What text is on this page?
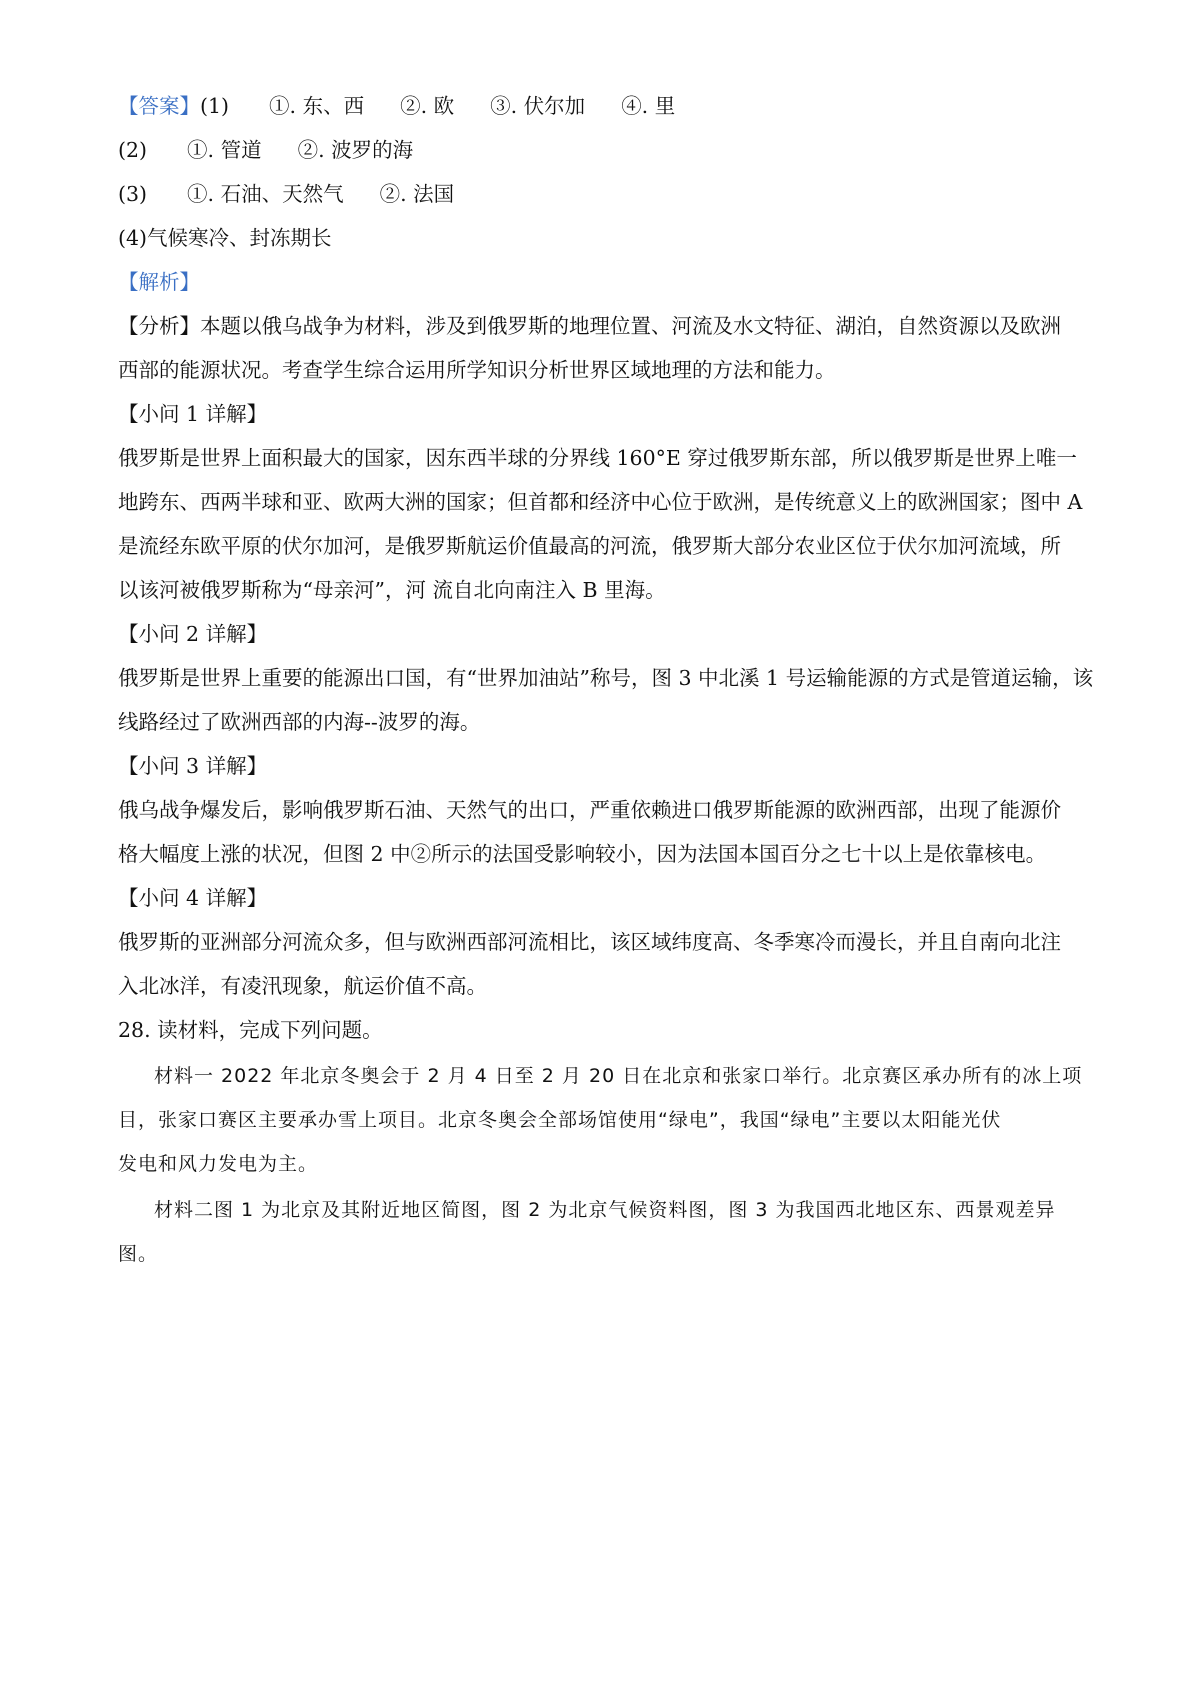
【答案】(1) ①. 东、西 ②. 欧 ③. 伏尔加 ④. 里
(2) ①. 管道 ②. 波罗的海
(3) ①. 石油、天然气 ②. 法国
(4)气候寒冷、封冻期长
【解析】
【分析】本题以俄乌战争为材料，涉及到俄罗斯的地理位置、河流及水文特征、湖泊，自然资源以及欧洲
西部的能源状况。考查学生综合运用所学知识分析世界区域地理的方法和能力。
【小问 1 详解】
俄罗斯是世界上面积最大的国家，因东西半球的分界线 160°E 穿过俄罗斯东部，所以俄罗斯是世界上唯一
地跨东、西两半球和亚、欧两大洲的国家；但首都和经济中心位于欧洲，是传统意义上的欧洲国家；图中 A
是流经东欧平原的伏尔加河，是俄罗斯航运价值最高的河流，俄罗斯大部分农业区位于伏尔加河流域，所
以该河被俄罗斯称为“母亲河”，河 流自北向南注入 B 里海。
【小问 2 详解】
俄罗斯是世界上重要的能源出口国，有“世界加油站”称号，图 3 中北溪 1 号运输能源的方式是管道运输，该
线路经过了欧洲西部的内海--波罗的海。
【小问 3 详解】
俄乌战争爆发后，影响俄罗斯石油、天然气的出口，严重依赖进口俄罗斯能源的欧洲西部，出现了能源价
格大幅度上涨的状况，但图 2 中②所示的法国受影响较小，因为法国本国百分之七十以上是依靠核电。
【小问 4 详解】
俄罗斯的亚洲部分河流众多，但与欧洲西部河流相比，该区域纬度高、冬季寒冷而漫长，并且自南向北注
入北冰洋，有凌汛现象，航运价值不高。
28. 读材料，完成下列问题。
材料一 2022 年北京冬奥会于 2 月 4 日至 2 月 20 日在北京和张家口举行。北京赛区承办所有的冰上项
目，张家口赛区主要承办雪上项目。北京冬奥会全部场馆使用“绿电”，我国“绿电”主要以太阳能光伏
发电和风力发电为主。
材料二图 1 为北京及其附近地区简图，图 2 为北京气候资料图，图 3 为我国西北地区东、西景观差异
图。
